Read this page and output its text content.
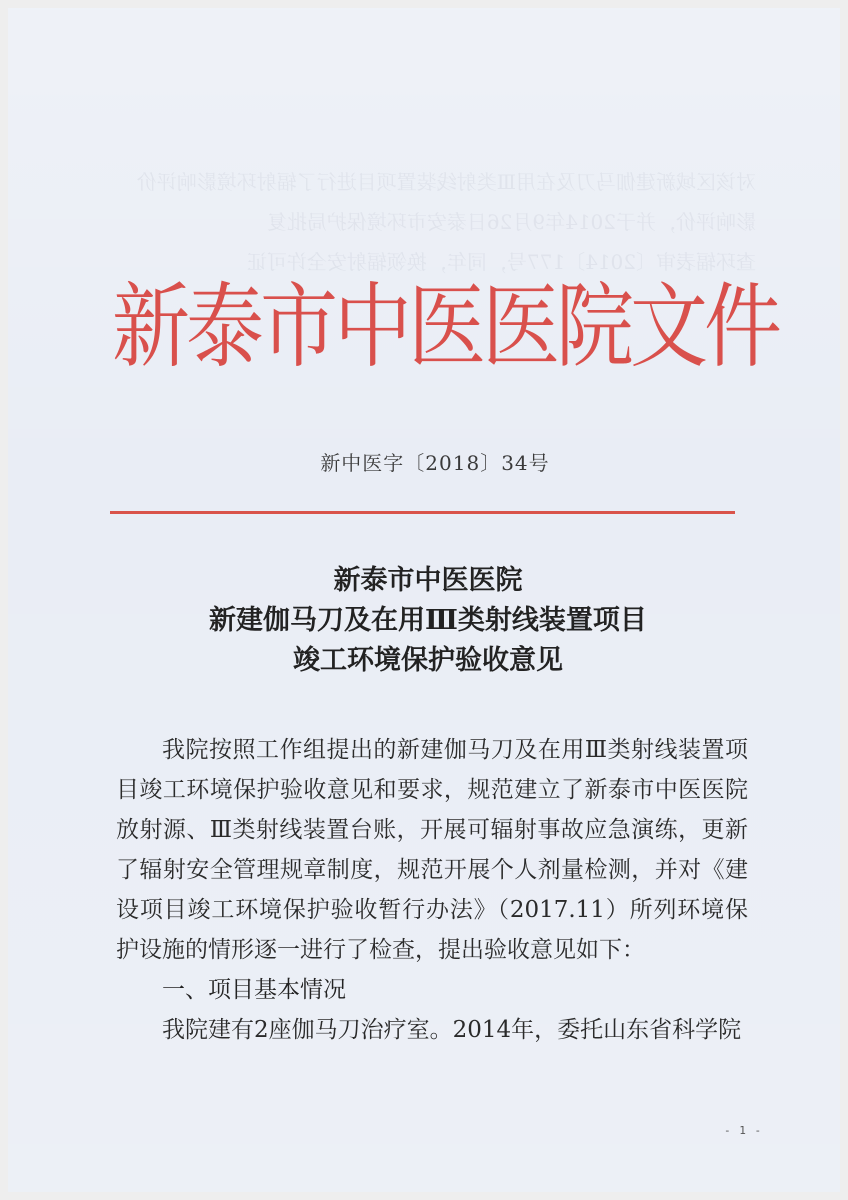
对该区域新建伽马刀及在用Ⅲ类射线装置项目进行了辐射环境影响评价
影响评价，并于2014年9月26日泰安市环境保护局批复
查环辐表审〔2014〕177号，同年，换领辐射安全许可证
新泰市中医医院文件
新中医字〔2018〕34号
新泰市中医医院
新建伽马刀及在用Ⅲ类射线装置项目
竣工环境保护验收意见

我院按照工作组提出的新建伽马刀及在用Ⅲ类射线装置项目竣工环境保护验收意见和要求，规范建立了新泰市中医医院放射源、Ⅲ类射线装置台账，开展可辐射事故应急演练，更新了辐射安全管理规章制度，规范开展个人剂量检测，并对《建设项目竣工环境保护验收暂行办法》（2017.11）所列环境保护设施的情形逐一进行了检查，提出验收意见如下：

一、项目基本情况

我院建有2座伽马刀治疗室。2014年，委托山东省科学院

- 1 -
